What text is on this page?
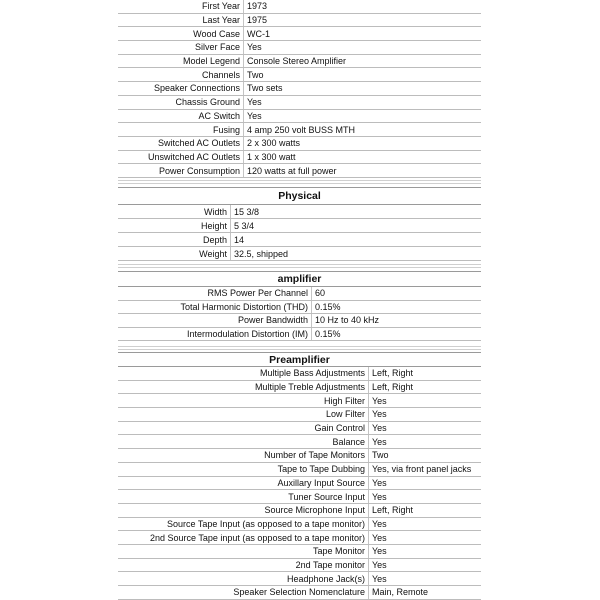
First Year 1973
Last Year 1975
Wood Case WC-1
Silver Face Yes
Model Legend Console Stereo Amplifier
Channels Two
Speaker Connections Two sets
Chassis Ground Yes
AC Switch Yes
Fusing 4 amp 250 volt BUSS MTH
Switched AC Outlets 2 x 300 watts
Unswitched AC Outlets 1 x 300 watt
Power Consumption 120 watts at full power
Physical
Width 15 3/8
Height 5 3/4
Depth 14
Weight 32.5, shipped
amplifier
RMS Power Per Channel 60
Total Harmonic Distortion (THD) 0.15%
Power Bandwidth 10 Hz to 40 kHz
Intermodulation Distortion (IM) 0.15%
Preamplifier
Multiple Bass Adjustments Left, Right
Multiple Treble Adjustments Left, Right
High Filter Yes
Low Filter Yes
Gain Control Yes
Balance Yes
Number of Tape Monitors Two
Tape to Tape Dubbing Yes, via front panel jacks
Auxillary Input Source Yes
Tuner Source Input Yes
Source Microphone Input Left, Right
Source Tape Input (as opposed to a tape monitor) Yes
2nd Source Tape input (as opposed to a tape monitor) Yes
Tape Monitor Yes
2nd Tape monitor Yes
Headphone Jack(s) Yes
Speaker Selection Nomenclature Main, Remote
